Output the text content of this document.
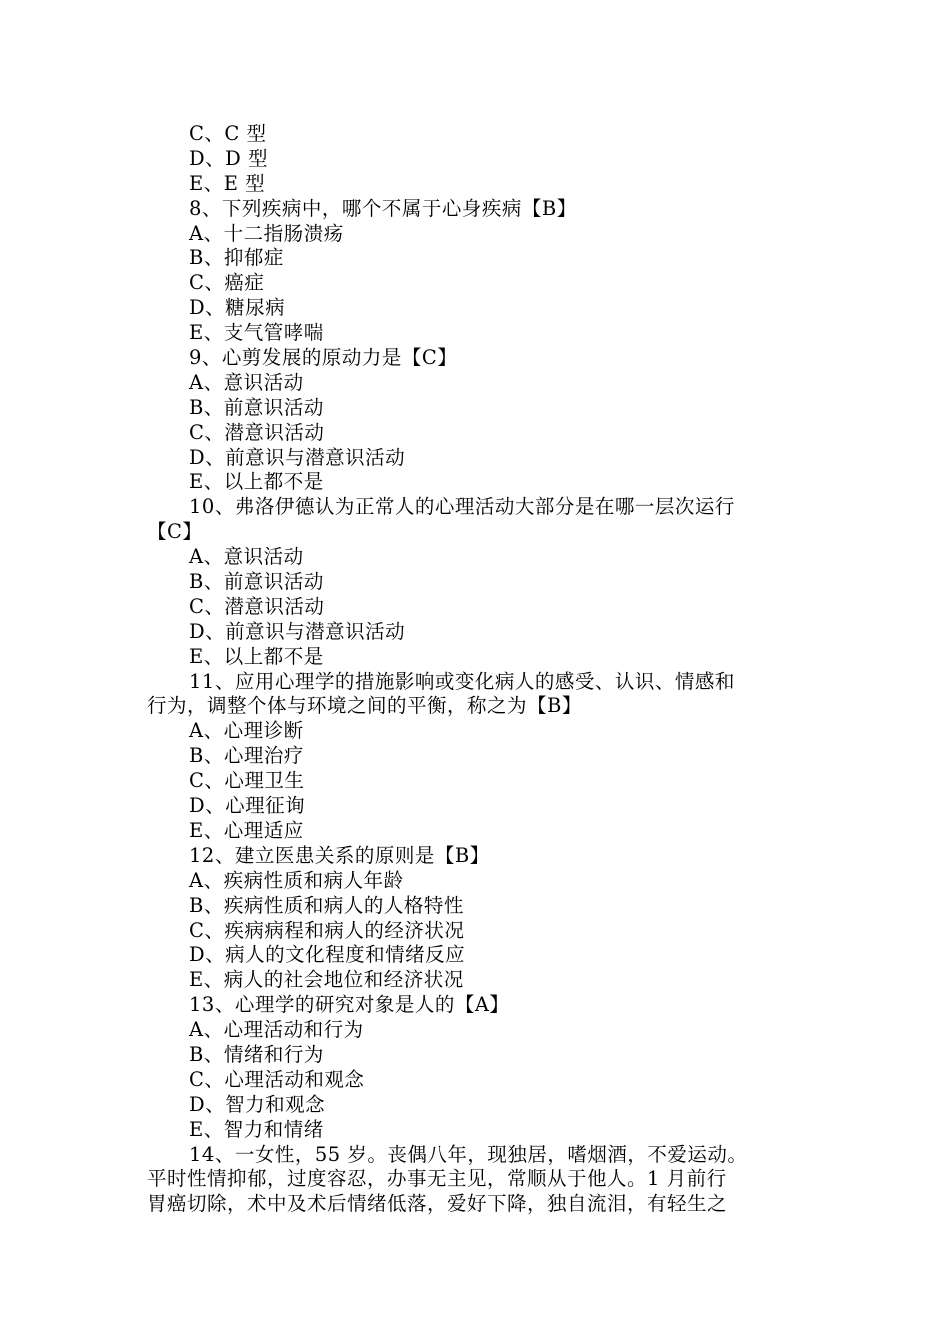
C、C 型
D、D 型
E、E 型
8、下列疾病中，哪个不属于心身疾病【B】
A、十二指肠溃疡
B、抑郁症
C、癌症
D、糖尿病
E、支气管哮喘
9、心剪发展的原动力是【C】
A、意识活动
B、前意识活动
C、潜意识活动
D、前意识与潜意识活动
E、以上都不是
10、弗洛伊德认为正常人的心理活动大部分是在哪一层次运行
【C】
A、意识活动
B、前意识活动
C、潜意识活动
D、前意识与潜意识活动
E、以上都不是
11、应用心理学的措施影响或变化病人的感受、认识、情感和
行为，调整个体与环境之间的平衡，称之为【B】
A、心理诊断
B、心理治疗
C、心理卫生
D、心理征询
E、心理适应
12、建立医患关系的原则是【B】
A、疾病性质和病人年龄
B、疾病性质和病人的人格特性
C、疾病病程和病人的经济状况
D、病人的文化程度和情绪反应
E、病人的社会地位和经济状况
13、心理学的研究对象是人的【A】
A、心理活动和行为
B、情绪和行为
C、心理活动和观念
D、智力和观念
E、智力和情绪
14、一女性，55 岁。丧偶八年，现独居，嗜烟酒，不爱运动。
平时性情抑郁，过度容忍，办事无主见，常顺从于他人。1 月前行
胃癌切除，术中及术后情绪低落，爱好下降，独自流泪，有轻生之
